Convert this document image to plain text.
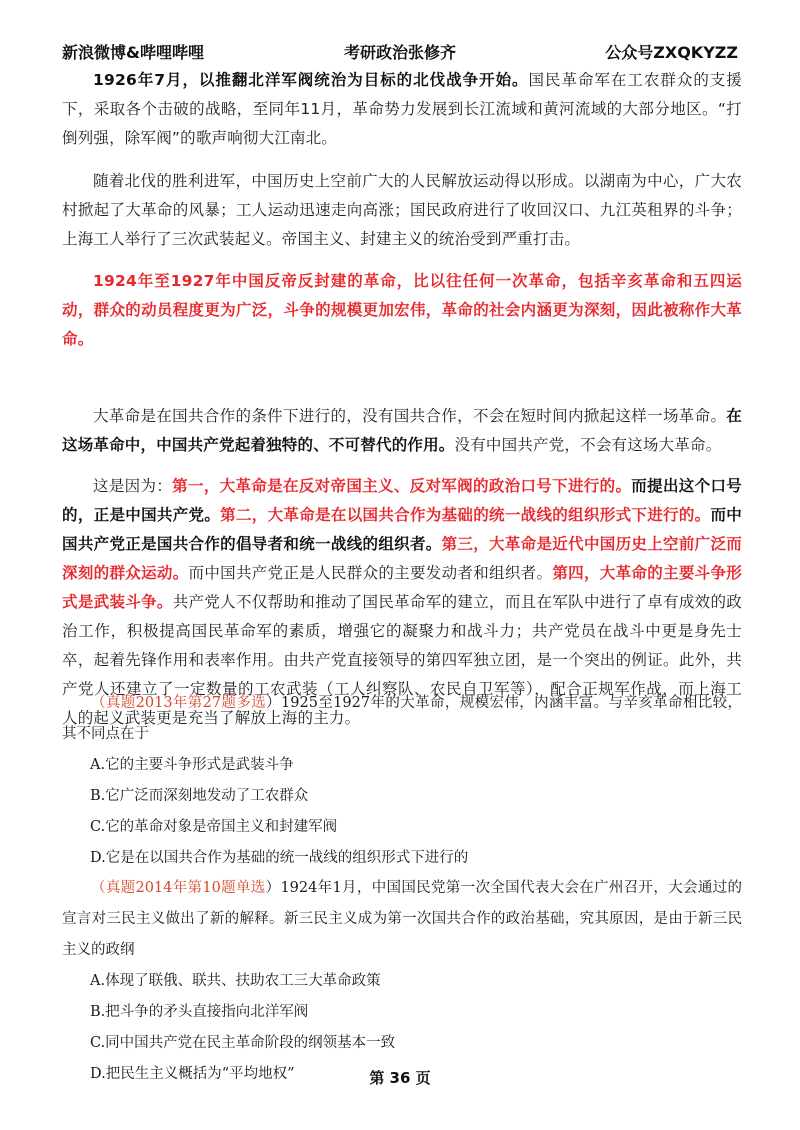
新浪微博&哔哩哔哩	考研政治张修齐	公众号ZXQKYZZ

1926年7月，以推翻北洋军阀统治为目标的北伐战争开始。国民革命军在工农群众的支援下，采取各个击破的战略，至同年11月，革命势力发展到长江流域和黄河流域的大部分地区。“打倒列强，除军阀”的歌声响彻大江南北。

随着北伐的胜利进军，中国历史上空前广大的人民解放运动得以形成。以湖南为中心，广大农村掀起了大革命的风暴；工人运动迅速走向高涨；国民政府进行了收回汉口、九江英租界的斗争；上海工人举行了三次武装起义。帝国主义、封建主义的统治受到严重打击。

1924年至1927年中国反帝反封建的革命，比以往任何一次革命，包括辛亥革命和五四运动，群众的动员程度更为广泛，斗争的规模更加宏伟，革命的社会内涵更为深刻，因此被称作大革命。

大革命是在国共合作的条件下进行的，没有国共合作，不会在短时间内掀起这样一场革命。在这场革命中，中国共产党起着独特的、不可替代的作用。没有中国共产党，不会有这场大革命。

这是因为：第一，大革命是在反对帝国主义、反对军阀的政治口号下进行的。而提出这个口号的，正是中国共产党。第二，大革命是在以国共合作为基础的统一战线的组织形式下进行的。而中国共产党正是国共合作的倡导者和统一战线的组织者。第三，大革命是近代中国历史上空前广泛而深刻的群众运动。而中国共产党正是人民群众的主要发动者和组织者。第四，大革命的主要斗争形式是武装斗争。共产党人不仅帮助和推动了国民革命军的建立，而且在军队中进行了卓有成效的政治工作，积极提高国民革命军的素质，增强它的凝聚力和战斗力；共产党员在战斗中更是身先士卒，起着先锋作用和表率作用。由共产党直接领导的第四军独立团，是一个突出的例证。此外，共产党人还建立了一定数量的工农武装（工人纠察队、农民自卫军等），配合正规军作战，而上海工人的起义武装更是充当了解放上海的主力。

（真题2013年第27题多选）1925至1927年的大革命，规模宏伟，内涵丰富。与辛亥革命相比较，其不同点在于

A.它的主要斗争形式是武装斗争

B.它广泛而深刻地发动了工农群众

C.它的革命对象是帝国主义和封建军阀

D.它是在以国共合作为基础的统一战线的组织形式下进行的

（真题2014年第10题单选）1924年1月，中国国民党第一次全国代表大会在广州召开，大会通过的宣言对三民主义做出了新的解释。新三民主义成为第一次国共合作的政治基础，究其原因，是由于新三民主义的政纲

A.体现了联俄、联共、扶助农工三大革命政策

B.把斗争的矛头直接指向北洋军阀

C.同中国共产党在民主革命阶段的纲领基本一致

D.把民生主义概括为“平均地权”	第 36 页
